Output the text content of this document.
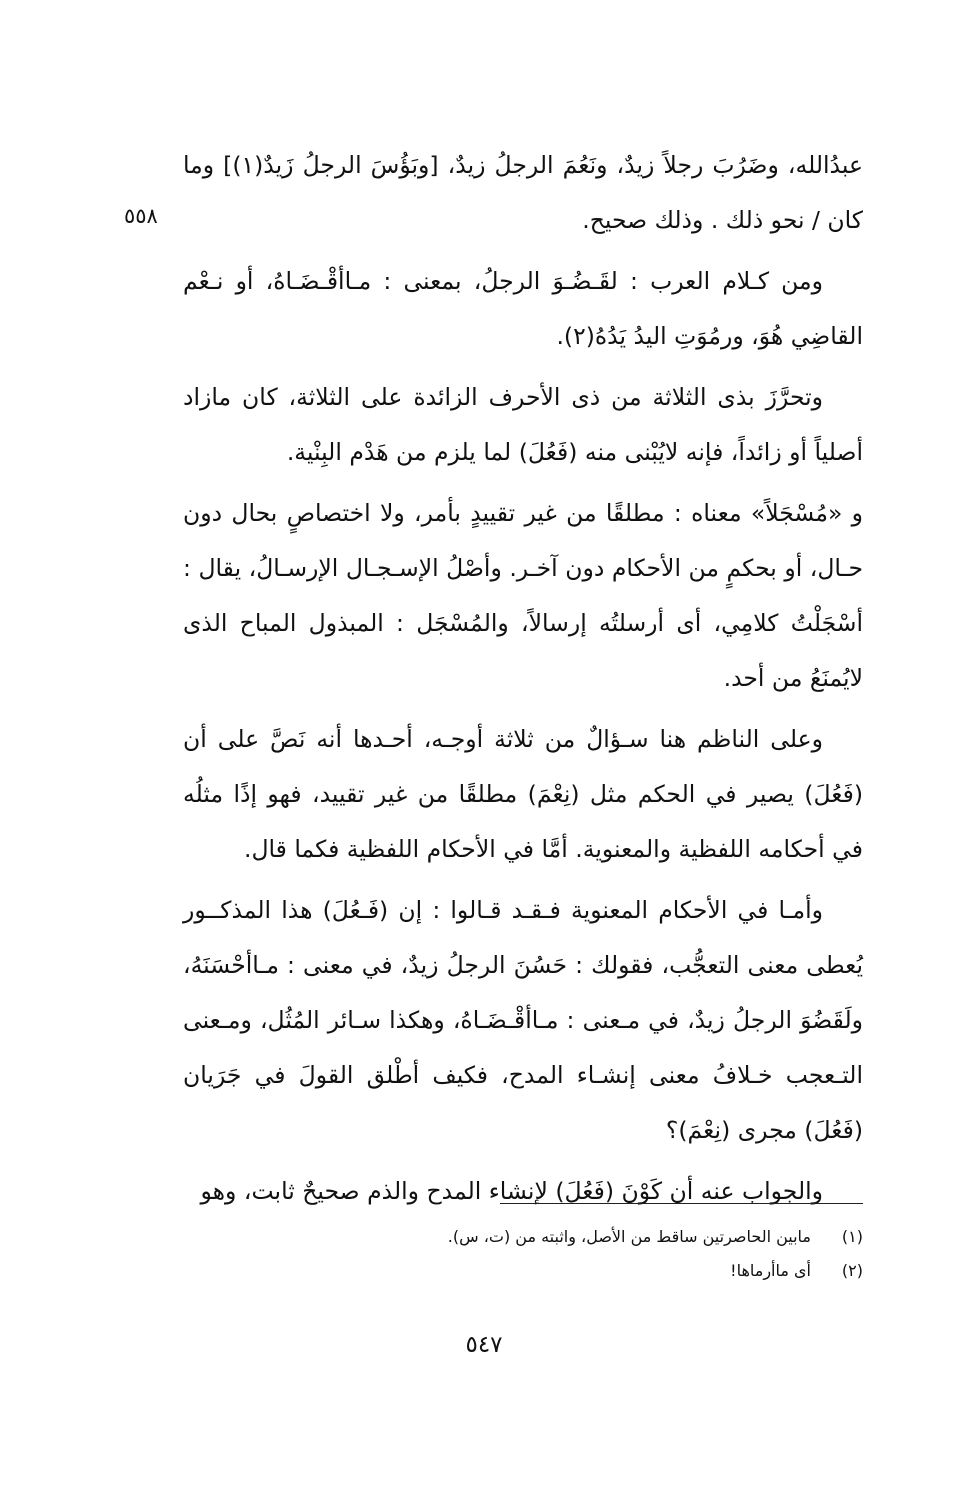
٥٥٨

عبدُالله، وضَرُبَ رجلاً زيدٌ، ونَعُمَ الرجلُ زيدٌ، [وبَؤُسَ الرجلُ زَيدٌ(١)] وما كان / نحو ذلك . وذلك صحيح.

ومن كـلام العرب : لقَـضُـوَ الرجلُ، بمعنى : مـاأقْـضَـاهُ، أو نـعْم القاضِي هُوَ، ورمُوَتِ اليدُ يَدُهُ(٢).

وتحرَّزَ بذى الثلاثة من ذى الأحرف الزائدة على الثلاثة، كان مازاد أصلياً أو زائداً، فإنه لايُبْنى منه (فَعُلَ) لما يلزم من هَدْم البِنْية.

و «مُسْجَلاً» معناه : مطلقًا من غير تقييدٍ بأمر، ولا اختصاصٍ بحال دون حـال، أو بحكمٍ من الأحكام دون آخـر. وأصْلُ الإسـجـال الإرسـالُ، يقال : أسْجَلْتُ كلامِي، أى أرسلتُه إرسالاً، والمُسْجَل : المبذول المباح الذى لايُمنَعُ من أحد.

وعلى الناظم هنا سـؤالٌ من ثلاثة أوجـه، أحـدها أنه نَصَّ على أن (فَعُلَ) يصير في الحكم مثل (نِعْمَ) مطلقًا من غير تقييد، فهو إذًا مثلُه في أحكامه اللفظية والمعنوية. أمَّا في الأحكام اللفظية فكما قال.

وأمـا في الأحكام المعنوية فـقـد قـالوا : إن (فَـعُلَ) هذا المذكــور يُعطى معنى التعجُّب، فقولك : حَسُنَ الرجلُ زيدٌ، في معنى : مـاأحْسَنَهُ، ولَقَضُوَ الرجلُ زيدٌ، في مـعنى : مـاأقْـضَـاهُ، وهكذا سـائر المُثُل، ومـعنى التـعجب خـلافُ معنى إنشـاء المدح، فكيف أطْلق القولَ في جَرَيان (فَعُلَ) مجرى (نِعْمَ)؟

والجواب عنه أن كَوْنَ (فَعُلَ) لإنشاء المدح والذم صحيحٌ ثابت، وهو

(١)
مابين الحاصرتين ساقط من الأصل، واثبته من (ت، س).
(٢)
أى ماأرماها!
٥٤٧
